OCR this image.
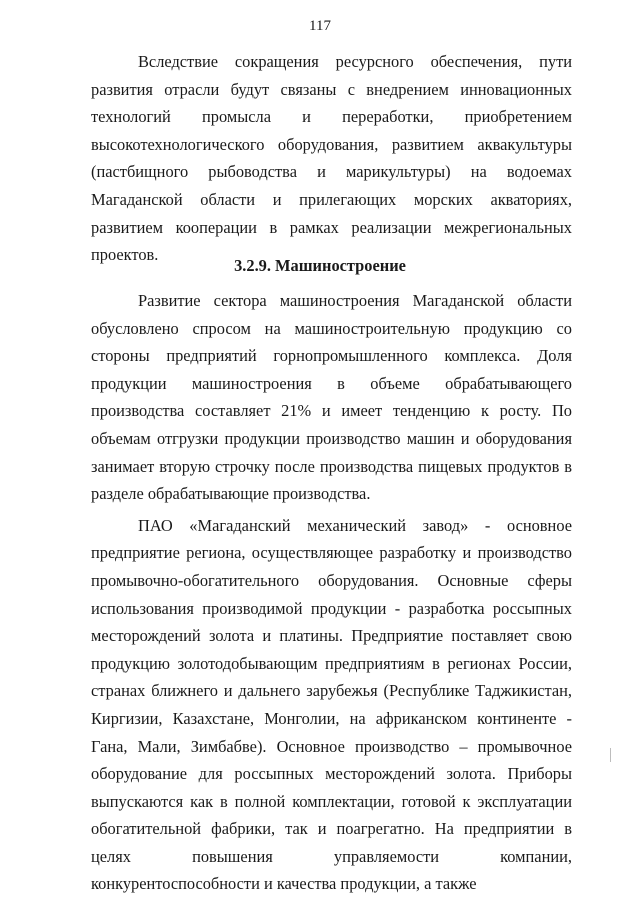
117

Вследствие сокращения ресурсного обеспечения, пути развития отрасли будут связаны с внедрением инновационных технологий промысла и переработки, приобретением высокотехнологического оборудования, развитием аквакультуры (пастбищного рыбоводства и марикультуры) на водоемах Магаданской области и прилегающих морских акваториях, развитием кооперации в рамках реализации межрегиональных проектов.

3.2.9. Машиностроение

Развитие сектора машиностроения Магаданской области обусловлено спросом на машиностроительную продукцию со стороны предприятий горнопромышленного комплекса. Доля продукции машиностроения в объеме обрабатывающего производства составляет 21% и имеет тенденцию к росту. По объемам отгрузки продукции производство машин и оборудования занимает вторую строчку после производства пищевых продуктов в разделе обрабатывающие производства.

ПАО «Магаданский механический завод» - основное предприятие региона, осуществляющее разработку и производство промывочно-обогатительного оборудования. Основные сферы использования производимой продукции - разработка россыпных месторождений золота и платины. Предприятие поставляет свою продукцию золотодобывающим предприятиям в регионах России, странах ближнего и дальнего зарубежья (Республике Таджикистан, Киргизии, Казахстане, Монголии, на африканском континенте - Гана, Мали, Зимбабве). Основное производство – промывочное оборудование для россыпных месторождений золота. Приборы выпускаются как в полной комплектации, готовой к эксплуатации обогатительной фабрики, так и поагрегатно. На предприятии в целях повышения управляемости компании, конкурентоспособности и качества продукции, а также
